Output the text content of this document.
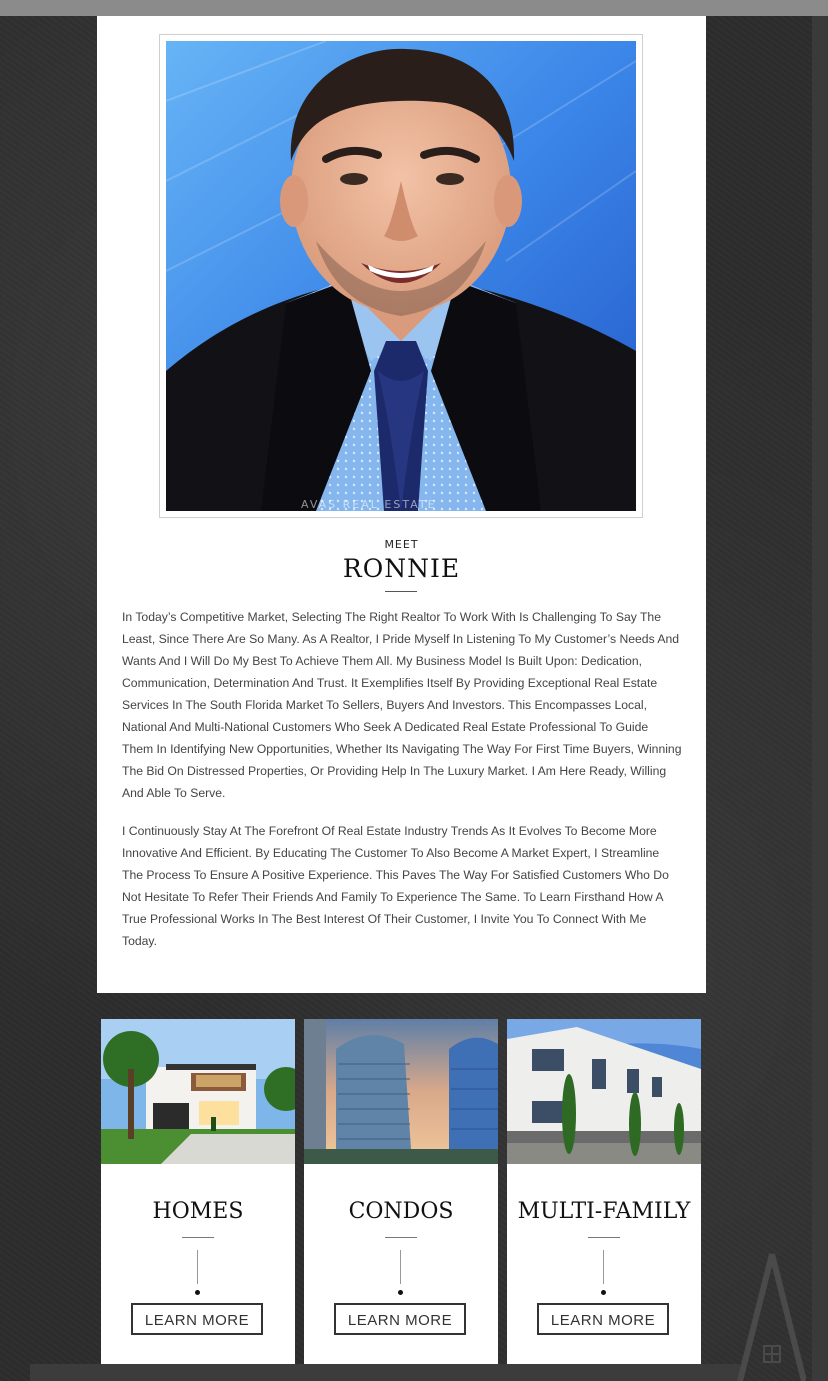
AVAS REAL ESTATE
MEET
RONNIE

In Today’s Competitive Market, Selecting The Right Realtor To Work With Is Challenging To Say The Least, Since There Are So Many. As A Realtor, I Pride Myself In Listening To My Customer’s Needs And Wants And I Will Do My Best To Achieve Them All. My Business Model Is Built Upon: Dedication, Communication, Determination And Trust. It Exemplifies Itself By Providing Exceptional Real Estate Services In The South Florida Market To Sellers, Buyers And Investors. This Encompasses Local, National And Multi-National Customers Who Seek A Dedicated Real Estate Professional To Guide Them In Identifying New Opportunities, Whether Its Navigating The Way For First Time Buyers, Winning The Bid On Distressed Properties, Or Providing Help In The Luxury Market. I Am Here Ready, Willing And Able To Serve.

I Continuously Stay At The Forefront Of Real Estate Industry Trends As It Evolves To Become More Innovative And Efficient. By Educating The Customer To Also Become A Market Expert, I Streamline The Process To Ensure A Positive Experience. This Paves The Way For Satisfied Customers Who Do Not Hesitate To Refer Their Friends And Family To Experience The Same. To Learn Firsthand How A True Professional Works In The Best Interest Of Their Customer, I Invite You To Connect With Me Today.

HOMES
LEARN MORE
CONDOS
LEARN MORE
MULTI-FAMILY
LEARN MORE
